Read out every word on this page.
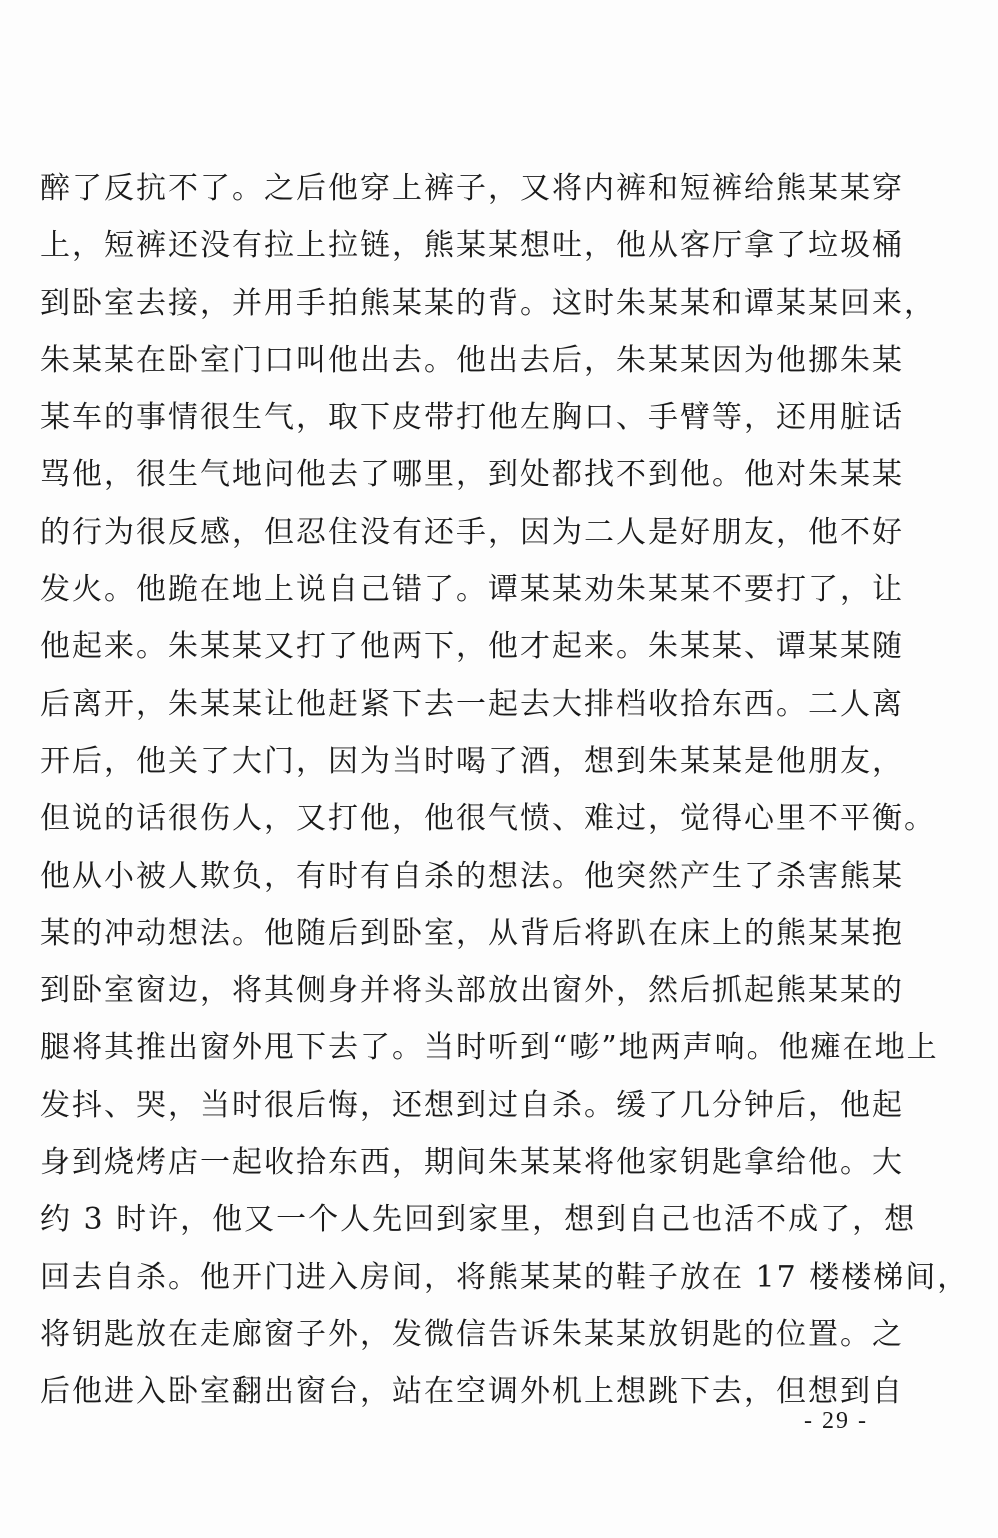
醉了反抗不了。之后他穿上裤子，又将内裤和短裤给熊某某穿
上，短裤还没有拉上拉链，熊某某想吐，他从客厅拿了垃圾桶
到卧室去接，并用手拍熊某某的背。这时朱某某和谭某某回来，
朱某某在卧室门口叫他出去。他出去后，朱某某因为他挪朱某
某车的事情很生气，取下皮带打他左胸口、手臂等，还用脏话
骂他，很生气地问他去了哪里，到处都找不到他。他对朱某某
的行为很反感，但忍住没有还手，因为二人是好朋友，他不好
发火。他跪在地上说自己错了。谭某某劝朱某某不要打了，让
他起来。朱某某又打了他两下，他才起来。朱某某、谭某某随
后离开，朱某某让他赶紧下去一起去大排档收拾东西。二人离
开后，他关了大门，因为当时喝了酒，想到朱某某是他朋友，
但说的话很伤人，又打他，他很气愤、难过，觉得心里不平衡。
他从小被人欺负，有时有自杀的想法。他突然产生了杀害熊某
某的冲动想法。他随后到卧室，从背后将趴在床上的熊某某抱
到卧室窗边，将其侧身并将头部放出窗外，然后抓起熊某某的
腿将其推出窗外甩下去了。当时听到“嘭”地两声响。他瘫在地上
发抖、哭，当时很后悔，还想到过自杀。缓了几分钟后，他起
身到烧烤店一起收拾东西，期间朱某某将他家钥匙拿给他。大
约 3 时许，他又一个人先回到家里，想到自己也活不成了，想
回去自杀。他开门进入房间，将熊某某的鞋子放在 17 楼楼梯间，
将钥匙放在走廊窗子外，发微信告诉朱某某放钥匙的位置。之
后他进入卧室翻出窗台，站在空调外机上想跳下去，但想到自
- 29 -
